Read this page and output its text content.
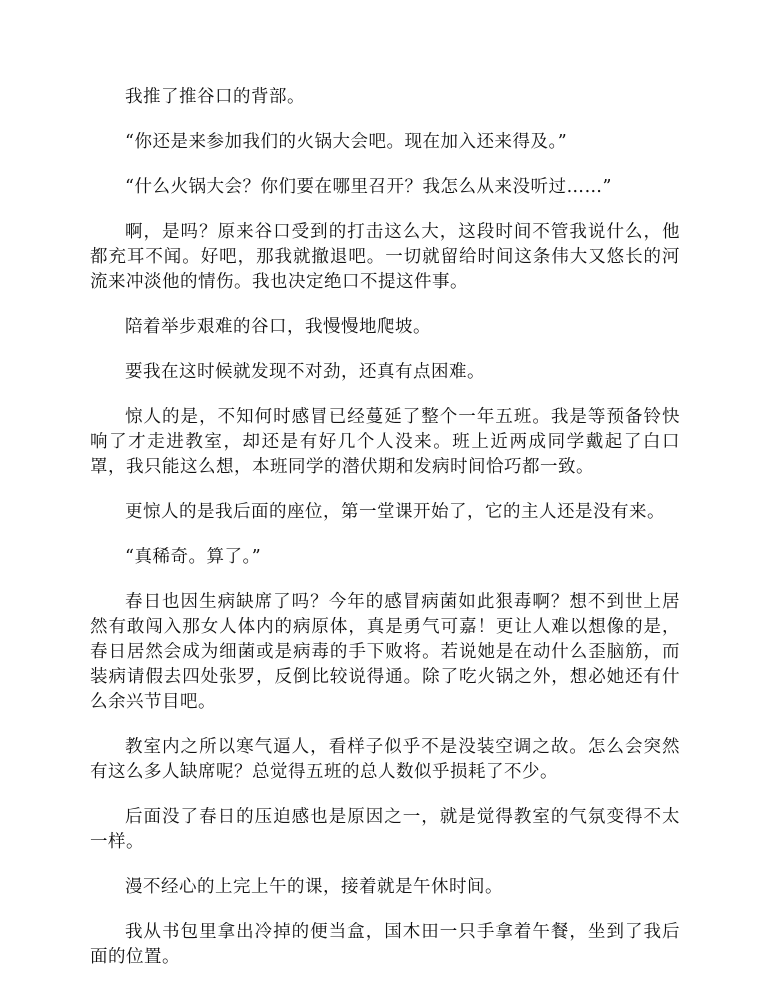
我推了推谷口的背部。

“你还是来参加我们的火锅大会吧。现在加入还来得及。”

“什么火锅大会？你们要在哪里召开？我怎么从来没听过……”

啊，是吗？原来谷口受到的打击这么大，这段时间不管我说什么，他都充耳不闻。好吧，那我就撤退吧。一切就留给时间这条伟大又悠长的河流来冲淡他的情伤。我也决定绝口不提这件事。

陪着举步艰难的谷口，我慢慢地爬坡。

要我在这时候就发现不对劲，还真有点困难。

惊人的是，不知何时感冒已经蔓延了整个一年五班。我是等预备铃快响了才走进教室，却还是有好几个人没来。班上近两成同学戴起了白口罩，我只能这么想，本班同学的潜伏期和发病时间恰巧都一致。

更惊人的是我后面的座位，第一堂课开始了，它的主人还是没有来。

“真稀奇。算了。”

春日也因生病缺席了吗？今年的感冒病菌如此狠毒啊？想不到世上居然有敢闯入那女人体内的病原体，真是勇气可嘉！更让人难以想像的是，春日居然会成为细菌或是病毒的手下败将。若说她是在动什么歪脑筋，而装病请假去四处张罗，反倒比较说得通。除了吃火锅之外，想必她还有什么余兴节目吧。

教室内之所以寒气逼人，看样子似乎不是没装空调之故。怎么会突然有这么多人缺席呢？总觉得五班的总人数似乎损耗了不少。

后面没了春日的压迫感也是原因之一，就是觉得教室的气氛变得不太一样。

漫不经心的上完上午的课，接着就是午休时间。

我从书包里拿出冷掉的便当盒，国木田一只手拿着午餐，坐到了我后面的位置。
